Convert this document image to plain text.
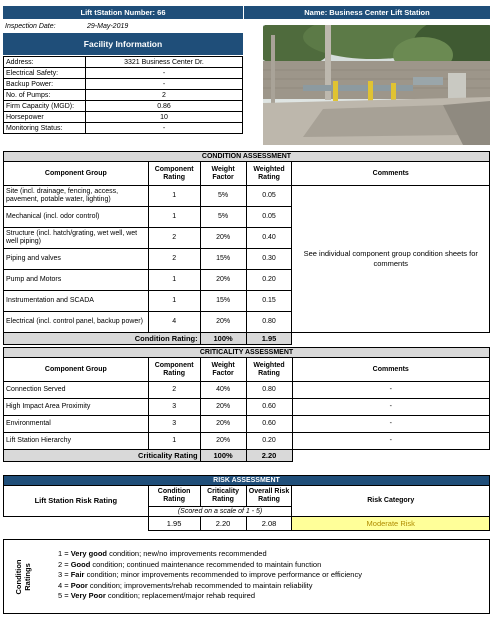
Lift tStation Number: 66	Name: Business Center Lift Station
Inspection Date:	29-May-2019
Facility Information
Address:	3321 Business Center Dr.
Electrical Safety:	-
Backup Power:	-
No. of Pumps:	2
Firm Capacity (MGD):	0.86
Horsepower	10
Monitoring Status:	-
CONDITION ASSESSMENT				
Component Group	Component Rating	Weight Factor	Weighted Rating	Comments
Site (incl. drainage, fencing, access, pavement, potable water, lighting)	1	5%	0.05	See individual component group condition sheets for comments
Mechanical (incl. odor control)	1	5%	0.05	
Structure (incl. hatch/grating, wet well, wet well piping)	2	20%	0.40	
Piping and valves	2	15%	0.30	
Pump and Motors	1	20%	0.20	
Instrumentation and SCADA	1	15%	0.15	
Electrical (incl. control panel, backup power)	4	20%	0.80	
Condition Rating:		100%	1.95	
CRITICALITY ASSESSMENT				
Component Group	Component Rating	Weight Factor	Weighted Rating	Comments
Connection Served	2	40%	0.80	-
High Impact Area Proximity	3	20%	0.60	-
Environmental	3	20%	0.60	-
Lift Station Hierarchy	1	20%	0.20	-
Criticality Rating		100%	2.20	
RISK ASSESSMENT				
Lift Station Risk Rating	Condition Rating	Criticality Rating	Overall Risk Rating	Risk Category
	(Scored on a scale of 1 - 5)			
	1.95	2.20	2.08	Moderate Risk
Condition Ratings
1 = Very good condition; new/no improvements recommended
2 = Good condition; continued maintenance recommended to maintain function
3 = Fair condition; minor improvements recommended to improve performance or efficiency
4 = Poor condition; improvements/rehab recommended to maintain reliability
5 = Very Poor condition; replacement/major rehab required
